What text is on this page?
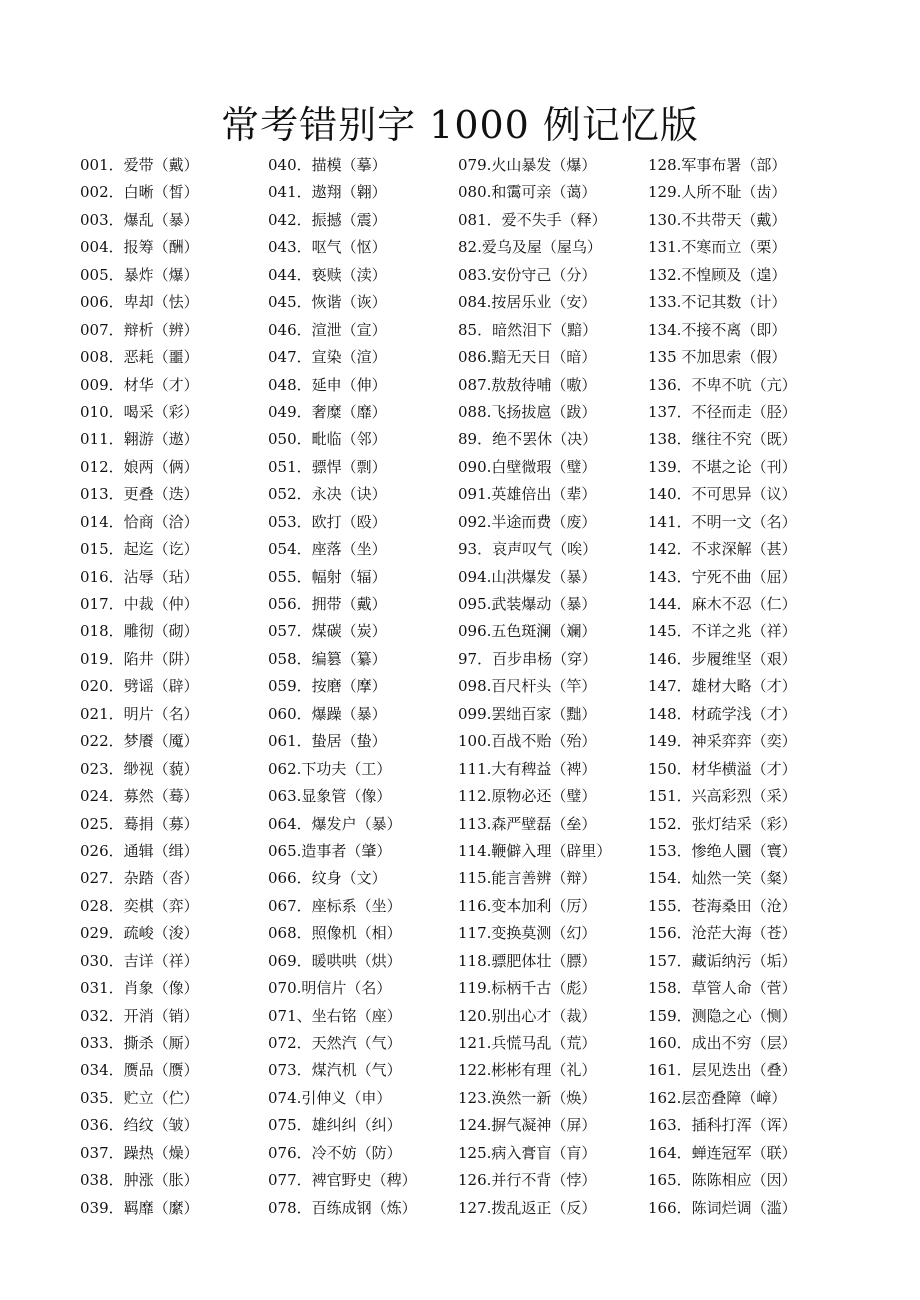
常考错别字 1000 例记忆版
001．爱带（戴）
002．白晰（皙）
003．爆乱（暴）
004．报筹（酬）
005．暴炸（爆）
006．卑却（怯）
007．辩析（辨）
008．恶耗（噩）
009．材华（才）
010．喝采（彩）
011．翱游（遨）
012．娘两（俩）
013．更叠（迭）
014．恰商（洽）
015．起迄（讫）
016．沾辱（玷）
017．中裁（仲）
018．雕彻（砌）
019．陷井（阱）
020．劈谣（辟）
021．明片（名）
022．梦餍（魇）
023．缈视（藐）
024．募然（蓦）
025．蓦捐（募）
026．通辑（缉）
027．杂踏（沓）
028．奕棋（弈）
029．疏峻（浚）
030．吉详（祥）
031．肖象（像）
032．开消（销）
033．撕杀（厮）
034．赝品（赝）
035．贮立（伫）
036．绉纹（皱）
037．躁热（燥）
038．肿涨（胀）
039．羁靡（縻）
040．描模（摹）
041．遨翔（翱）
042．振撼（震）
043．呕气（怄）
044．亵赎（渎）
045．恢谐（诙）
046．渲泄（宣）
047．宣染（渲）
048．延申（伸）
049．奢糜（靡）
050．毗临（邻）
051．骠悍（剽）
052．永决（诀）
053．欧打（殴）
054．座落（坐）
055．幅射（辐）
056．拥带（戴）
057．煤碳（炭）
058．编篡（纂）
059．按磨（摩）
060．爆躁（暴）
061．蛰居（蛰）
062.下功夫（工）
063.显象管（像）
064．爆发户（暴）
065.造事者（肇）
066．纹身（文）
067．座标系（坐）
068．照像机（相）
069．暖哄哄（烘）
070.明信片（名）
071、坐右铭（座）
072．天然汽（气）
073．煤汽机（气）
074.引伸义（申）
075．雄纠纠（纠）
076．冷不妨（防）
077．裨官野史（稗）
078．百练成钢（炼）
079.火山暴发（爆）
080.和霭可亲（蔼）
081．爱不失手（释）
82.爱乌及屋（屋乌）
083.安份守己（分）
084.按居乐业（安）
85．暗然泪下（黯）
086.黯无天日（暗）
087.敖敖待哺（嗷）
088.飞扬拔扈（跋）
89．绝不罢休（决）
090.白壁微瑕（璧）
091.英雄倍出（辈）
092.半途而费（废）
93．哀声叹气（唉）
094.山洪爆发（暴）
095.武装爆动（暴）
096.五色斑澜（斓）
97．百步串杨（穿）
098.百尺杆头（竿）
099.罢绌百家（黜）
100.百战不贻（殆）
111.大有稗益（裨）
112.原物必还（璧）
113.森严壁磊（垒）
114.鞭僻入理（辟里）
115.能言善辨（辩）
116.变本加利（厉）
117.变换莫测（幻）
118.骠肥体壮（膘）
119.标柄千古（彪）
120.别出心才（裁）
121.兵慌马乱（荒）
122.彬彬有理（礼）
123.涣然一新（焕）
124.摒气凝神（屏）
125.病入膏盲（肓）
126.并行不背（悖）
127.拨乱返正（反）
128.军事布署（部）
129.人所不耻（齿）
130.不共带天（戴）
131.不寒而立（栗）
132.不惶顾及（遑）
133.不记其数（计）
134.不接不离（即）
135 不加思索（假）
136．不卑不吭（亢）
137．不径而走（胫）
138．继往不究（既）
139．不堪之论（刊）
140．不可思异（议）
141．不明一文（名）
142．不求深解（甚）
143．宁死不曲（屈）
144．麻木不忍（仁）
145．不详之兆（祥）
146．步履维坚（艰）
147．雄材大略（才）
148．材疏学浅（才）
149．神采弈弈（奕）
150．材华横溢（才）
151．兴高彩烈（采）
152．张灯结采（彩）
153．惨绝人圜（寰）
154．灿然一笑（粲）
155．苍海桑田（沧）
156．沧茫大海（苍）
157．藏诟纳污（垢）
158．草管人命（菅）
159．测隐之心（恻）
160．成出不穷（层）
161．层见迭出（叠）
162.层峦叠障（嶂）
163．插科打浑（诨）
164．蝉连冠军（联）
165．陈陈相应（因）
166．陈词烂调（滥）
